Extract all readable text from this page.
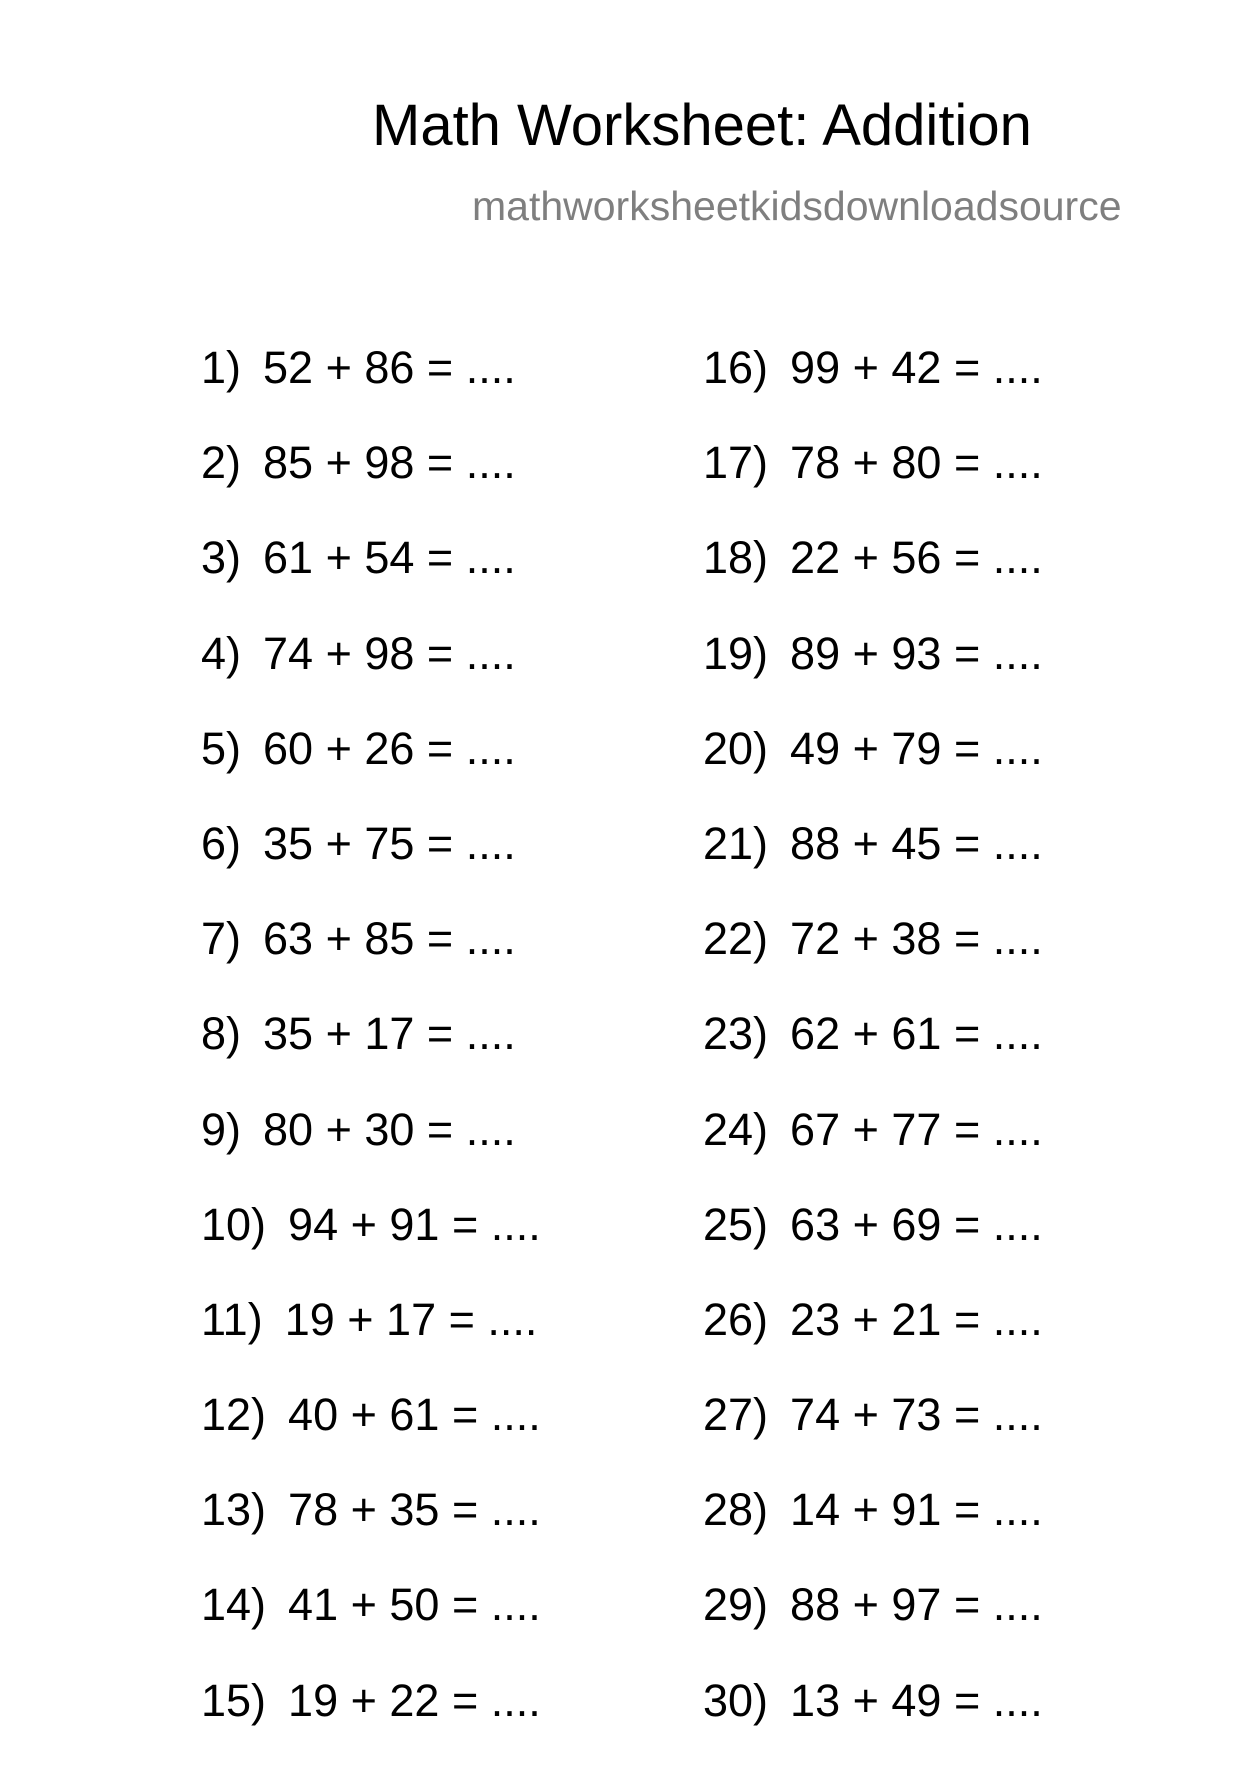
Math Worksheet: Addition
mathworksheetkidsdownloadsource
1) 52 + 86 = ....
2) 85 + 98 = ....
3) 61 + 54 = ....
4) 74 + 98 = ....
5) 60 + 26 = ....
6) 35 + 75 = ....
7) 63 + 85 = ....
8) 35 + 17 = ....
9) 80 + 30 = ....
10) 94 + 91 = ....
11) 19 + 17 = ....
12) 40 + 61 = ....
13) 78 + 35 = ....
14) 41 + 50 = ....
15) 19 + 22 = ....
16) 99 + 42 = ....
17) 78 + 80 = ....
18) 22 + 56 = ....
19) 89 + 93 = ....
20) 49 + 79 = ....
21) 88 + 45 = ....
22) 72 + 38 = ....
23) 62 + 61 = ....
24) 67 + 77 = ....
25) 63 + 69 = ....
26) 23 + 21 = ....
27) 74 + 73 = ....
28) 14 + 91 = ....
29) 88 + 97 = ....
30) 13 + 49 = ....
